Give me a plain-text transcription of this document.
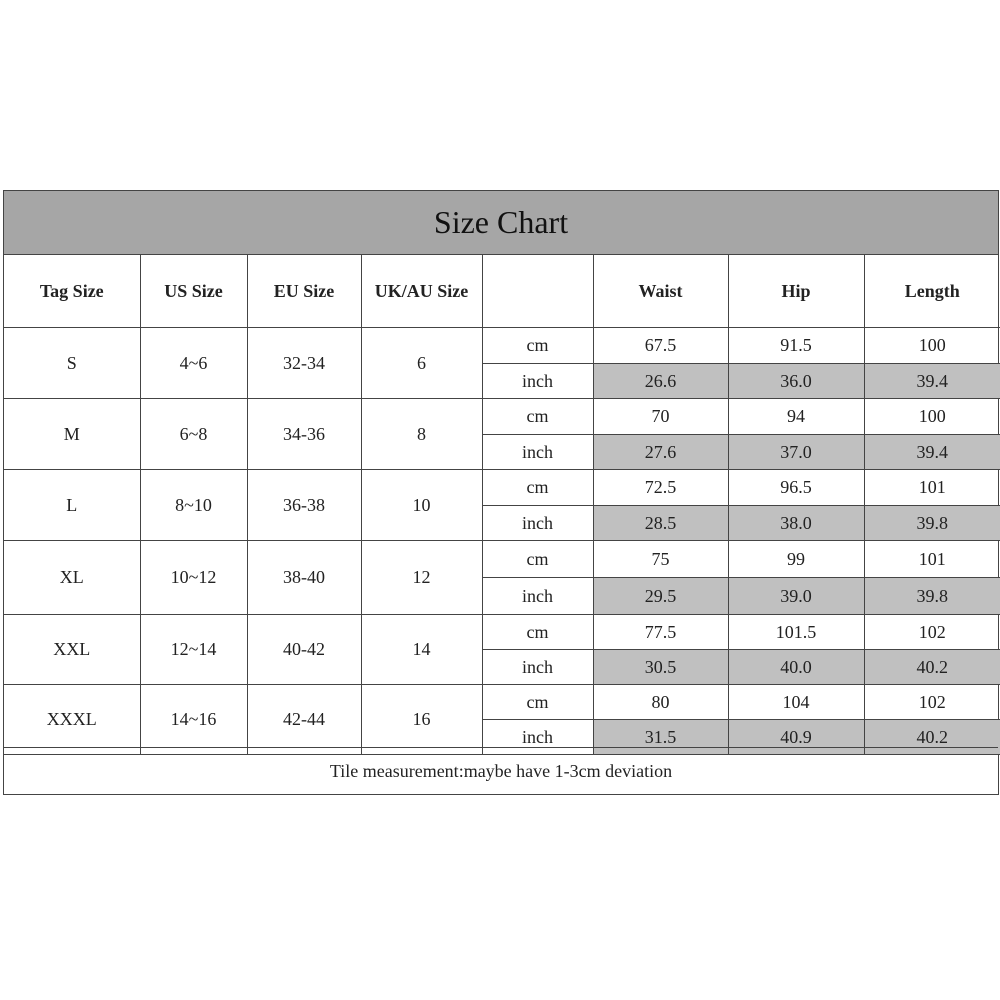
Size Chart
Tag Size	US Size	EU Size	UK/AU Size		Waist	Hip	Length
S	4~6	32-34	6	cm	67.5	91.5	100
				inch	26.6	36.0	39.4
M	6~8	34-36	8	cm	70	94	100
				inch	27.6	37.0	39.4
L	8~10	36-38	10	cm	72.5	96.5	101
				inch	28.5	38.0	39.8
XL	10~12	38-40	12	cm	75	99	101
				inch	29.5	39.0	39.8
XXL	12~14	40-42	14	cm	77.5	101.5	102
				inch	30.5	40.0	40.2
XXXL	14~16	42-44	16	cm	80	104	102
				inch	31.5	40.9	40.2
Tile measurement:maybe have 1-3cm deviation
